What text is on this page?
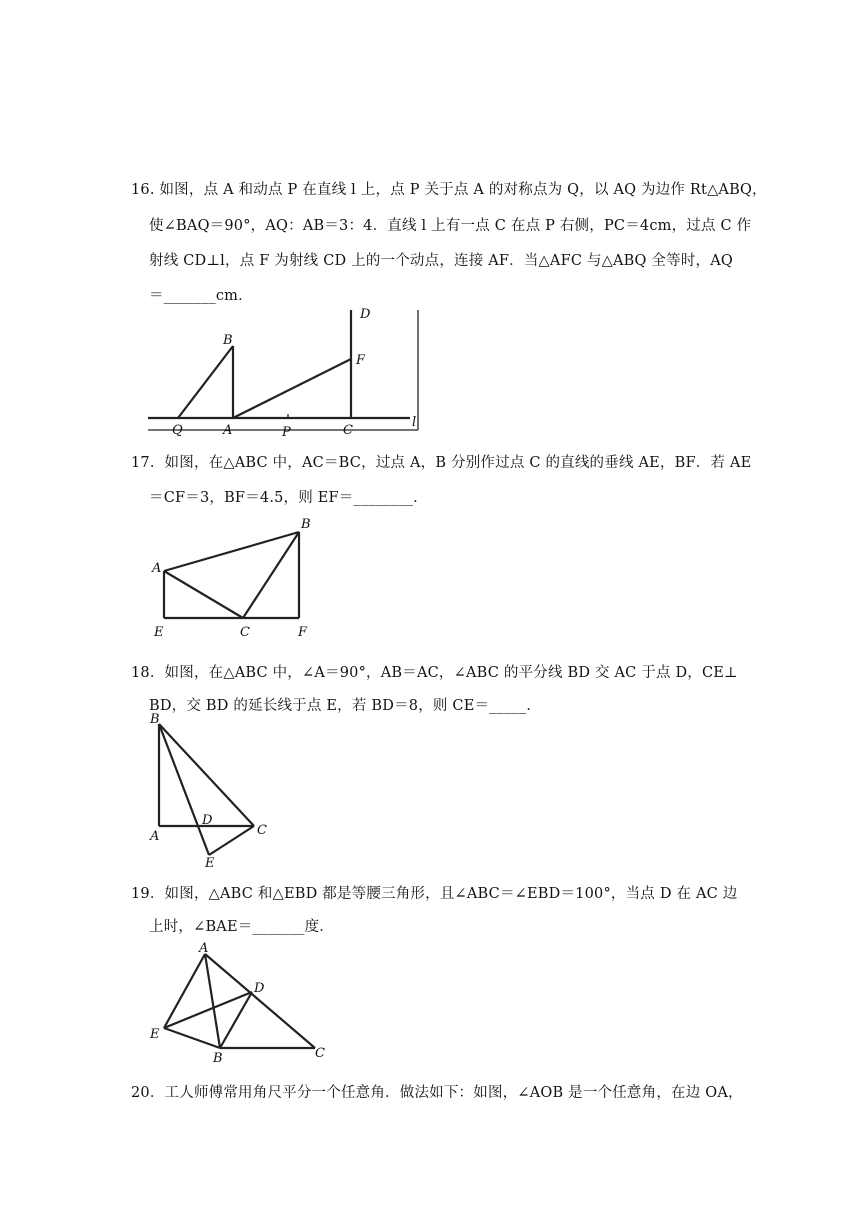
16. 如图，点 A 和动点 P 在直线 l 上，点 P 关于点 A 的对称点为 Q，以 AQ 为边作 Rt△ABQ，
使∠BAQ＝90°，AQ：AB＝3：4．直线 l 上有一点 C 在点 P 右侧，PC＝4cm，过点 C 作
射线 CD⊥l，点 F 为射线 CD 上的一个动点，连接 AF．当△AFC 与△ABQ 全等时，AQ
＝_______cm．
Q	A	P	C
B
D
F
l
17．如图，在△ABC 中，AC＝BC，过点 A，B 分别作过点 C 的直线的垂线 AE，BF．若 AE
＝CF＝3，BF＝4.5，则 EF＝________．
A
B
C
E	F
18．如图，在△ABC 中，∠A＝90°，AB＝AC，∠ABC 的平分线 BD 交 AC 于点 D，CE⊥
BD，交 BD 的延长线于点 E，若 BD＝8，则 CE＝_____．
B
A
D
C
E
19．如图，△ABC 和△EBD 都是等腰三角形，且∠ABC＝∠EBD＝100°，当点 D 在 AC 边
上时，∠BAE＝_______度．
A
E
D
B	C
20．工人师傅常用角尺平分一个任意角．做法如下：如图，∠AOB 是一个任意角，在边 OA，
